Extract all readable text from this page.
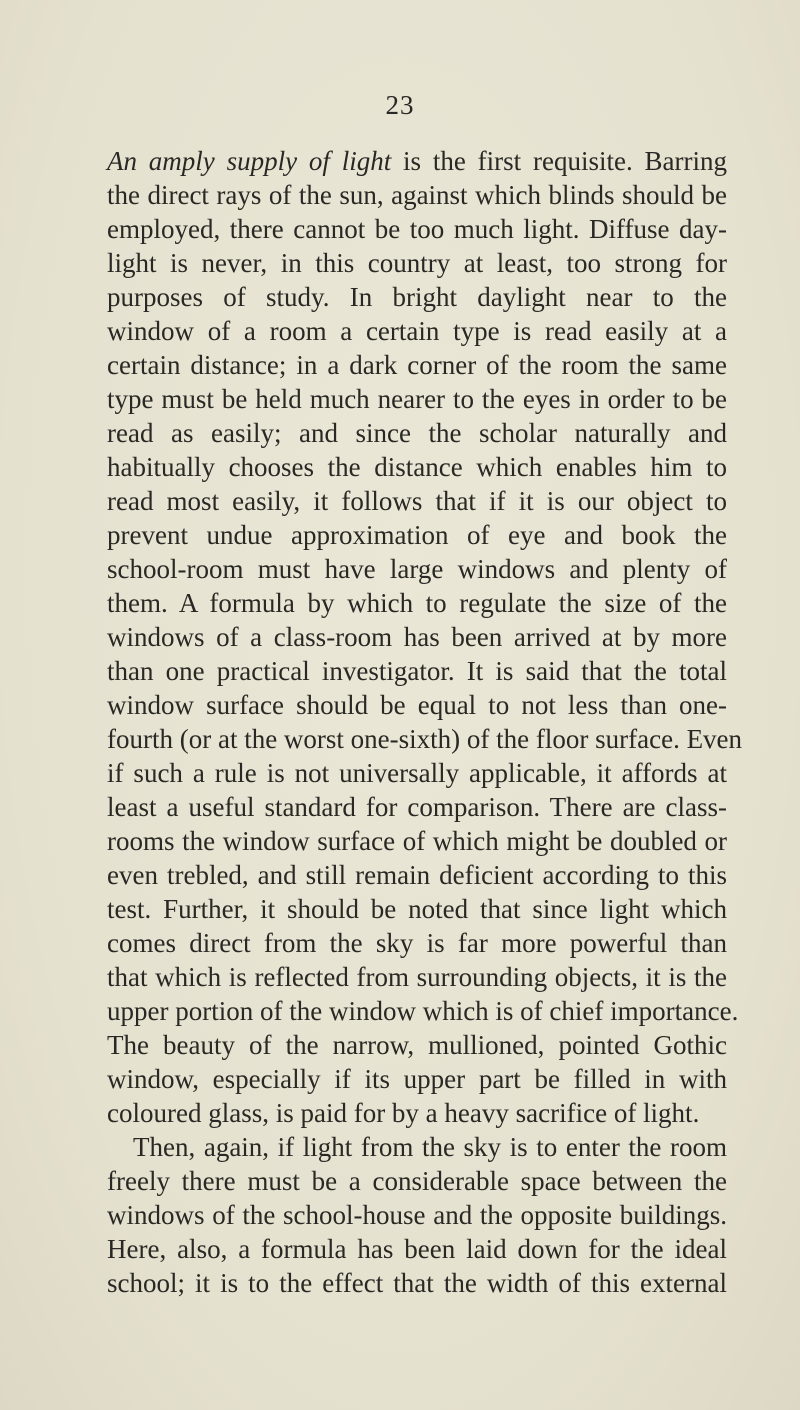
23
An amply supply of light is the first requisite. Barring
the direct rays of the sun, against which blinds should be
employed, there cannot be too much light. Diffuse day-
light is never, in this country at least, too strong for
purposes of study. In bright daylight near to the
window of a room a certain type is read easily at a
certain distance; in a dark corner of the room the same
type must be held much nearer to the eyes in order to be
read as easily; and since the scholar naturally and
habitually chooses the distance which enables him to
read most easily, it follows that if it is our object to
prevent undue approximation of eye and book the
school-room must have large windows and plenty of
them. A formula by which to regulate the size of the
windows of a class-room has been arrived at by more
than one practical investigator. It is said that the total
window surface should be equal to not less than one-
fourth (or at the worst one-sixth) of the floor surface. Even
if such a rule is not universally applicable, it affords at
least a useful standard for comparison. There are class-
rooms the window surface of which might be doubled or
even trebled, and still remain deficient according to this
test. Further, it should be noted that since light which
comes direct from the sky is far more powerful than
that which is reflected from surrounding objects, it is the
upper portion of the window which is of chief importance.
The beauty of the narrow, mullioned, pointed Gothic
window, especially if its upper part be filled in with
coloured glass, is paid for by a heavy sacrifice of light.
Then, again, if light from the sky is to enter the room
freely there must be a considerable space between the
windows of the school-house and the opposite buildings.
Here, also, a formula has been laid down for the ideal
school; it is to the effect that the width of this external
